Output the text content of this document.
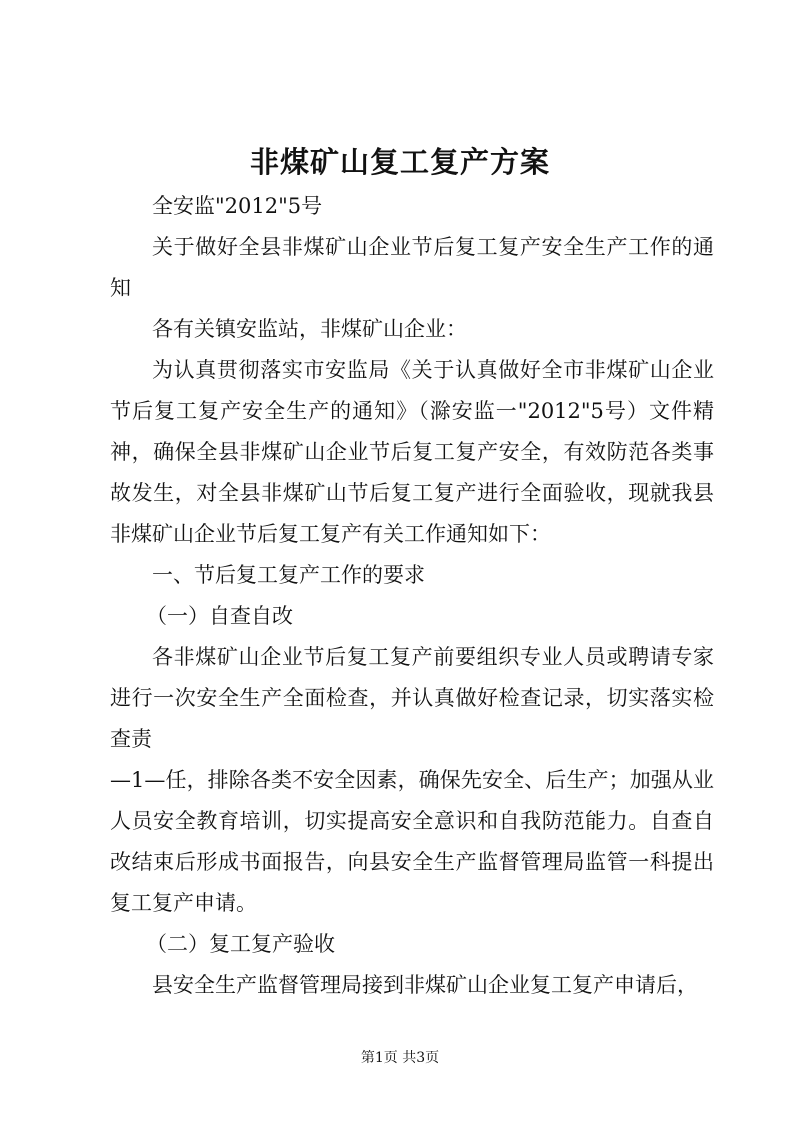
非煤矿山复工复产方案

全安监"2012"5号

关于做好全县非煤矿山企业节后复工复产安全生产工作的通知

各有关镇安监站，非煤矿山企业：

为认真贯彻落实市安监局《关于认真做好全市非煤矿山企业节后复工复产安全生产的通知》（滁安监一"2012"5号）文件精神，确保全县非煤矿山企业节后复工复产安全，有效防范各类事故发生，对全县非煤矿山节后复工复产进行全面验收，现就我县非煤矿山企业节后复工复产有关工作通知如下：

一、节后复工复产工作的要求

（一）自查自改

各非煤矿山企业节后复工复产前要组织专业人员或聘请专家进行一次安全生产全面检查，并认真做好检查记录，切实落实检查责

—1—任，排除各类不安全因素，确保先安全、后生产；加强从业人员安全教育培训，切实提高安全意识和自我防范能力。自查自改结束后形成书面报告，向县安全生产监督管理局监管一科提出复工复产申请。

（二）复工复产验收

县安全生产监督管理局接到非煤矿山企业复工复产申请后，

第1页 共3页
